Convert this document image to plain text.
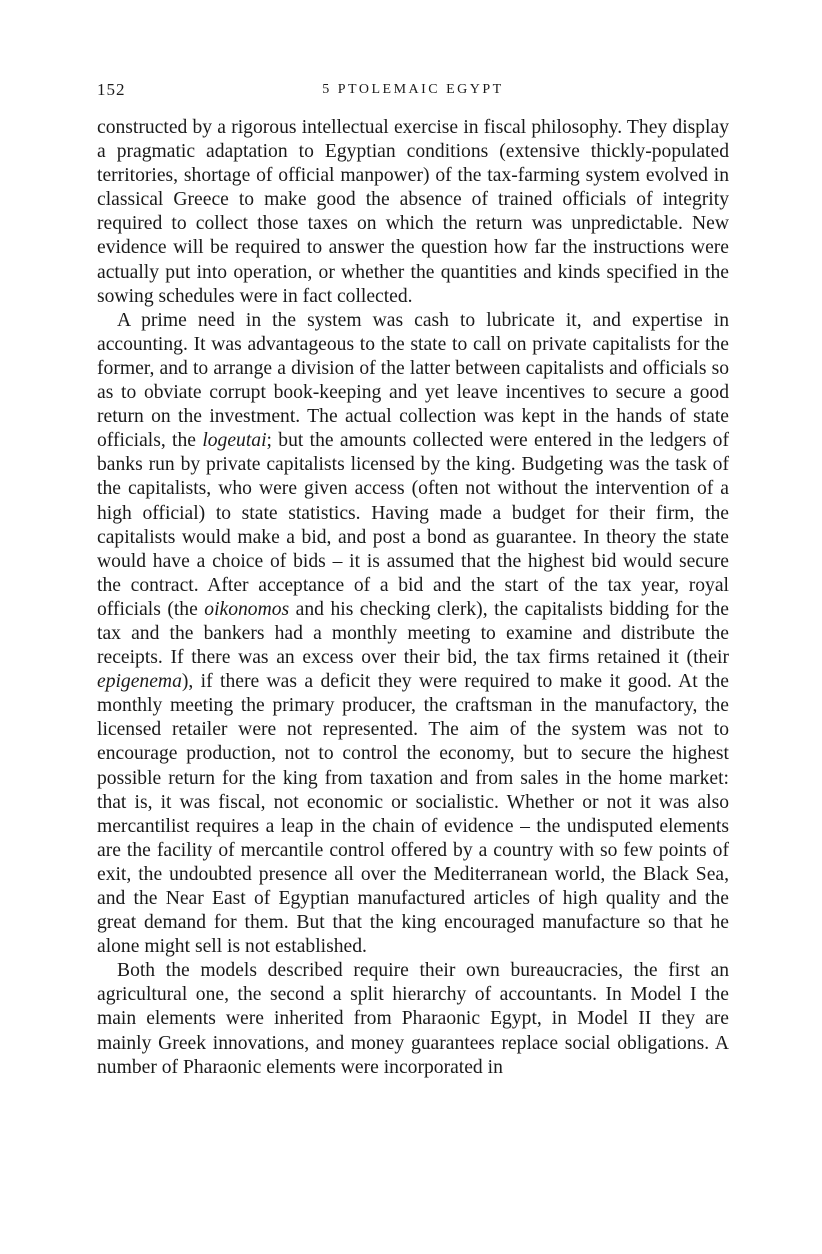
152	5 PTOLEMAIC EGYPT

constructed by a rigorous intellectual exercise in fiscal philosophy. They display a pragmatic adaptation to Egyptian conditions (extensive thickly-populated territories, shortage of official manpower) of the tax-farming system evolved in classical Greece to make good the absence of trained officials of integrity required to collect those taxes on which the return was unpredictable. New evidence will be required to answer the question how far the instructions were actually put into operation, or whether the quantities and kinds specified in the sowing schedules were in fact collected.

A prime need in the system was cash to lubricate it, and expertise in accounting. It was advantageous to the state to call on private capitalists for the former, and to arrange a division of the latter between capitalists and officials so as to obviate corrupt book-keeping and yet leave incentives to secure a good return on the investment. The actual collection was kept in the hands of state officials, the logeutai; but the amounts collected were entered in the ledgers of banks run by private capitalists licensed by the king. Budgeting was the task of the capitalists, who were given access (often not without the intervention of a high official) to state statistics. Having made a budget for their firm, the capitalists would make a bid, and post a bond as guarantee. In theory the state would have a choice of bids – it is assumed that the highest bid would secure the contract. After acceptance of a bid and the start of the tax year, royal officials (the oikonomos and his checking clerk), the capitalists bidding for the tax and the bankers had a monthly meeting to examine and distribute the receipts. If there was an excess over their bid, the tax firms retained it (their epigenema), if there was a deficit they were required to make it good. At the monthly meeting the primary producer, the craftsman in the manufactory, the licensed retailer were not represented. The aim of the system was not to encourage production, not to control the economy, but to secure the highest possible return for the king from taxation and from sales in the home market: that is, it was fiscal, not economic or socialistic. Whether or not it was also mercantilist requires a leap in the chain of evidence – the undisputed elements are the facility of mercantile control offered by a country with so few points of exit, the undoubted presence all over the Mediterranean world, the Black Sea, and the Near East of Egyptian manufactured articles of high quality and the great demand for them. But that the king encouraged manufacture so that he alone might sell is not established.

Both the models described require their own bureaucracies, the first an agricultural one, the second a split hierarchy of accountants. In Model I the main elements were inherited from Pharaonic Egypt, in Model II they are mainly Greek innovations, and money guarantees replace social obligations. A number of Pharaonic elements were incorporated in
